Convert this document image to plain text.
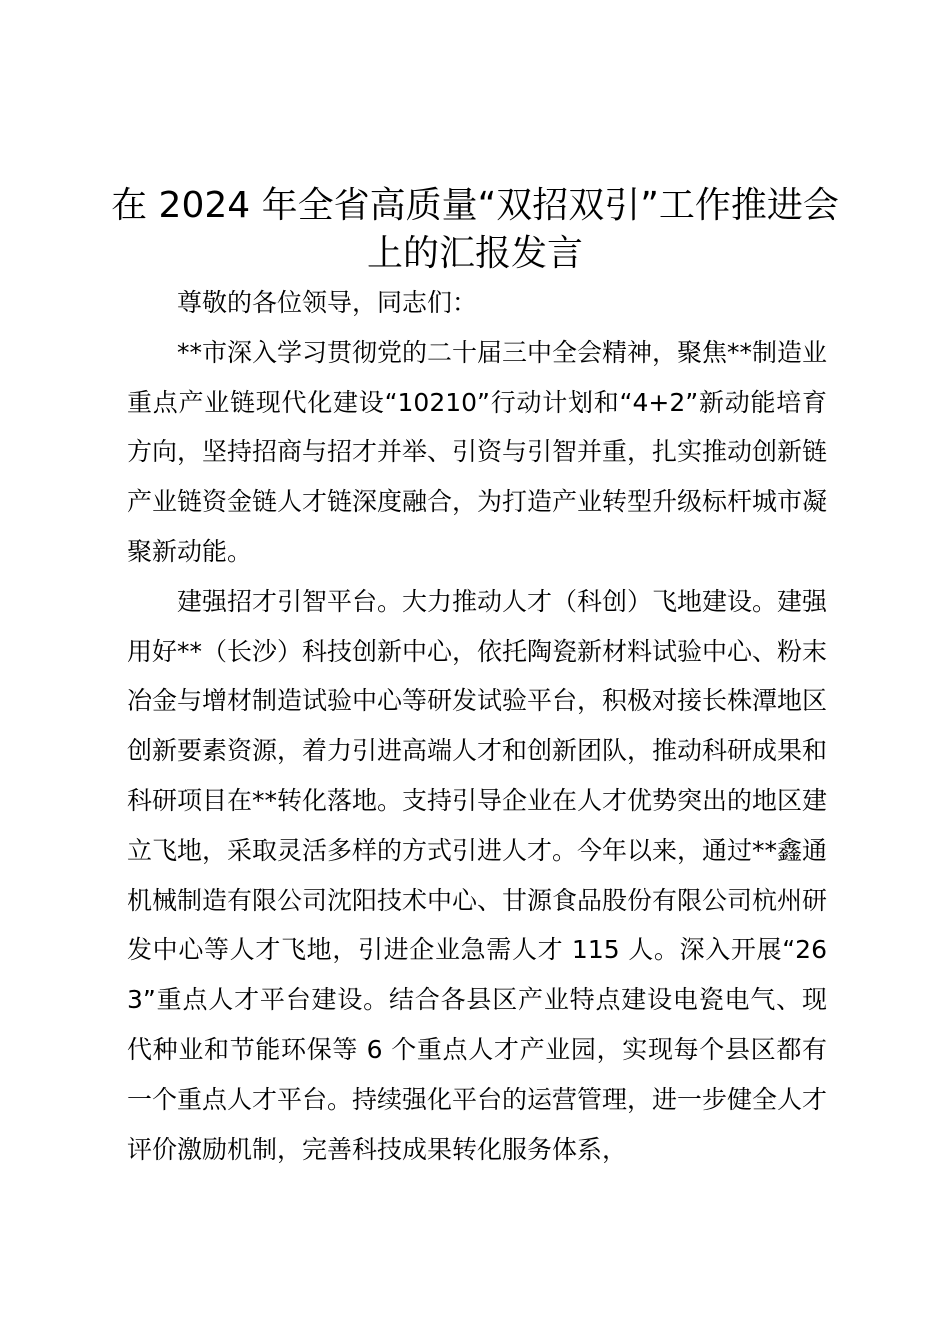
在 2024 年全省高质量“双招双引”工作推进会上的汇报发言

尊敬的各位领导，同志们：

**市深入学习贯彻党的二十届三中全会精神，聚焦**制造业重点产业链现代化建设“10210”行动计划和“4+2”新动能培育方向，坚持招商与招才并举、引资与引智并重，扎实推动创新链产业链资金链人才链深度融合，为打造产业转型升级标杆城市凝聚新动能。

建强招才引智平台。大力推动人才（科创）飞地建设。建强用好**（长沙）科技创新中心，依托陶瓷新材料试验中心、粉末冶金与增材制造试验中心等研发试验平台，积极对接长株潭地区创新要素资源，着力引进高端人才和创新团队，推动科研成果和科研项目在**转化落地。支持引导企业在人才优势突出的地区建立飞地，采取灵活多样的方式引进人才。今年以来，通过**鑫通机械制造有限公司沈阳技术中心、甘源食品股份有限公司杭州研发中心等人才飞地，引进企业急需人才 115 人。深入开展“263”重点人才平台建设。结合各县区产业特点建设电瓷电气、现代种业和节能环保等 6 个重点人才产业园，实现每个县区都有一个重点人才平台。持续强化平台的运营管理，进一步健全人才评价激励机制，完善科技成果转化服务体系，
